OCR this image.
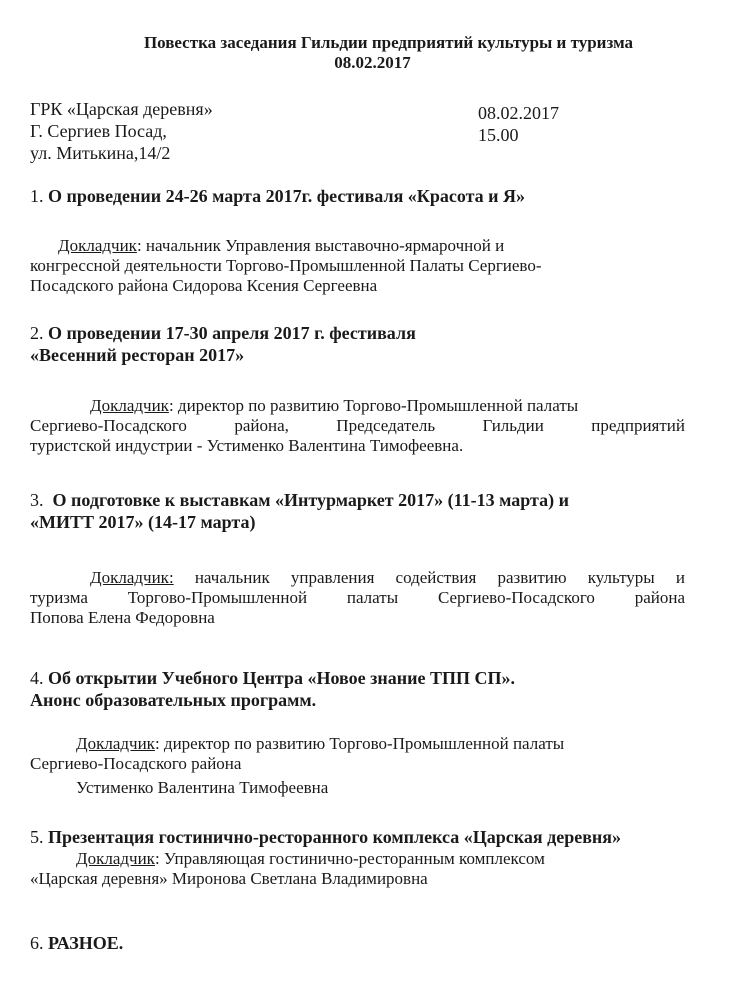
Повестка заседания Гильдии предприятий культуры и туризма
08.02.2017
ГРК «Царская деревня»
Г. Сергиев Посад,
ул. Митькина,14/2
08.02.2017
15.00
1. О проведении 24-26 марта 2017г. фестиваля «Красота и Я»
Докладчик: начальник Управления выставочно-ярмарочной и
конгрессной деятельности Торгово-Промышленной Палаты Сергиево-
Посадского района Сидорова Ксения Сергеевна
2. О проведении 17-30 апреля 2017 г. фестиваля
«Весенний ресторан 2017»
Докладчик: директор по развитию Торгово-Промышленной палаты
Сергиево-Посадского района, Председатель Гильдии предприятий
туристской индустрии - Устименко Валентина Тимофеевна.
3. О подготовке к выставкам «Интурмаркет 2017» (11-13 марта) и
«МИТТ 2017» (14-17 марта)
Докладчик: начальник управления содействия развитию культуры и
туризма Торгово-Промышленной палаты Сергиево-Посадского района
Попова Елена Федоровна
4. Об открытии Учебного Центра «Новое знание ТПП СП».
Анонс образовательных программ.
Докладчик: директор по развитию Торгово-Промышленной палаты
Сергиево-Посадского района
Устименко Валентина Тимофеевна
5. Презентация гостинично-ресторанного комплекса «Царская деревня»
Докладчик: Управляющая гостинично-ресторанным комплексом
«Царская деревня» Миронова Светлана Владимировна
6. РАЗНОЕ.
